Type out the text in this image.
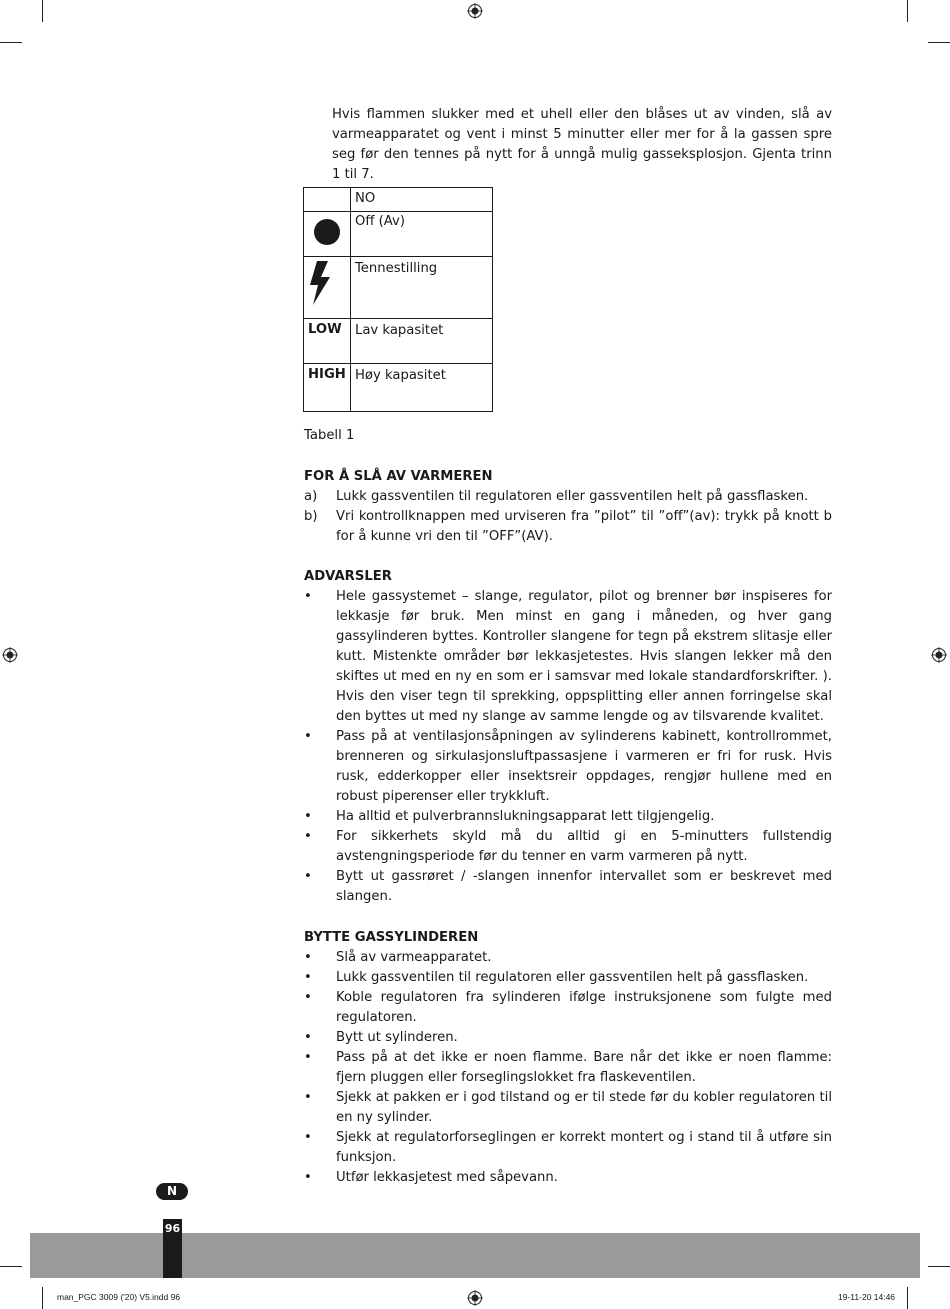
Hvis flammen slukker med et uhell eller den blåses ut av vinden, slå av varmeapparatet og vent i minst 5 minutter eller mer for å la gassen spre seg før den tennes på nytt for å unngå mulig gasseksplosjon. Gjenta trinn 1 til 7.
	NO
	Off (Av)
	Tennestilling
LOW	Lav kapasitet
HIGH	Høy kapasitet
Tabell 1
FOR Å SLÅ AV VARMEREN
a) Lukk gassventilen til regulatoren eller gassventilen helt på gassflasken.
b) Vri kontrollknappen med urviseren fra ”pilot” til ”off”(av): trykk på knott b for å kunne vri den til ”OFF”(AV).
ADVARSLER
• Hele gassystemet – slange, regulator, pilot og brenner bør inspiseres for lekkasje før bruk. Men minst en gang i måneden, og hver gang gassylinderen byttes. Kontroller slangene for tegn på ekstrem slitasje eller kutt. Mistenkte områder bør lekkasjetestes. Hvis slangen lekker må den skiftes ut med en ny en som er i samsvar med lokale standardforskrifter. ). Hvis den viser tegn til sprekking, oppsplitting eller annen forringelse skal den byttes ut med ny slange av samme lengde og av tilsvarende kvalitet.
• Pass på at ventilasjonsåpningen av sylinderens kabinett, kontrollrommet, brenneren og sirkulasjonsluftpassasjene i varmeren er fri for rusk. Hvis rusk, edderkopper eller insektsreir oppdages, rengjør hullene med en robust piperenser eller trykkluft.
• Ha alltid et pulverbrannslukningsapparat lett tilgjengelig.
• For sikkerhets skyld må du alltid gi en 5-minutters fullstendig avstengningsperiode før du tenner en varm varmeren på nytt.
• Bytt ut gassrøret / -slangen innenfor intervallet som er beskrevet med slangen.
BYTTE GASSYLINDEREN
• Slå av varmeapparatet.
• Lukk gassventilen til regulatoren eller gassventilen helt på gassflasken.
• Koble regulatoren fra sylinderen ifølge instruksjonene som fulgte med regulatoren.
• Bytt ut sylinderen.
• Pass på at det ikke er noen flamme. Bare når det ikke er noen flamme: fjern pluggen eller forseglingslokket fra flaskeventilen.
• Sjekk at pakken er i god tilstand og er til stede før du kobler regulatoren til en ny sylinder.
• Sjekk at regulatorforseglingen er korrekt montert og i stand til å utføre sin funksjon.
• Utfør lekkasjetest med såpevann.
N
96
man_PGC 3009 ('20) V5.indd 96	19-11-20 14:46
